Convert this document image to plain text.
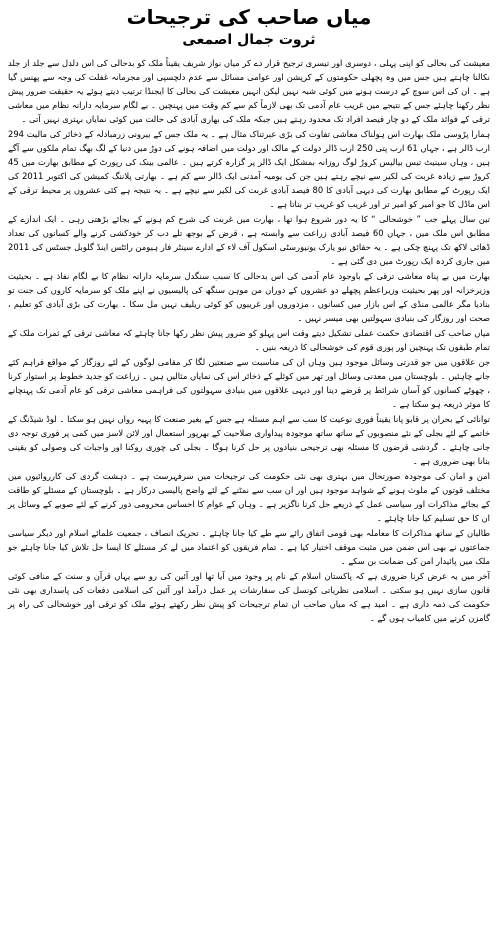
میاں صاحب کی ترجیحات
ثروت جمال اصمعی

معیشت کی بحالی کو اپنی پہلی ، دوسری اور تیسری ترجیح قرار دے کر میاں نواز شریف یقیناً ملک کو بدحالی کی اس دلدل سے جلد از جلد نکالنا چاہتے ہیں جس میں وہ پچھلی حکومتوں کے کرپشن اور عوامی مسائل سے عدم دلچسپی اور مجرمانہ غفلت کی وجہ سے پھنس گیا ہے ۔ ان کی اس سوچ کے درست ہونے میں کوئی شبہ نہیں لیکن انہیں معیشت کی بحالی کا ایجنڈا ترتیب دیتے ہوئے یہ حقیقت ضرور پیش نظر رکھنا چاہئے جس کے نتیجے میں غریب عام آدمی تک بھی لازماً کم سے کم وقت میں پہنچیں ۔ بے لگام سرمایہ دارانہ نظام میں معاشی ترقی کے فوائد ملک کے دو چار فیصد افراد تک محدود رہتے ہیں جبکہ ملک کی بھاری آبادی کی حالت میں کوئی نمایاں بہتری نہیں آتی ۔

ہمارا پڑوسی ملک بھارت اس ہولناک معاشی تفاوت کی بڑی عبرتناک مثال ہے ۔ یہ ملک جس کے بیرونی زرمبادلہ کے ذخائر کی مالیت 294 ارب ڈالر ہے ، جہاں 61 ارب پتی 250 ارب ڈالر دولت کے مالک اور دولت میں اضافہ ہونے کی دوڑ میں دنیا کے لگ بھگ تمام ملکوں سے آگے ہیں ، وہاں سینیٹ تیس بیالیس کروڑ لوگ روزانہ بمشکل ایک ڈالر پر گزارہ کرتے ہیں ۔ عالمی بینک کی رپورٹ کے مطابق بھارت میں 45 کروڑ سے زیادہ غربت کی لکیر سے نیچے رہتے ہیں جن کی یومیہ آمدنی ایک ڈالر سے کم ہے ۔ بھارتی پلاننگ کمیشن کی اکتوبر 2011 کی ایک رپورٹ کے مطابق بھارت کی دیہی آبادی کا 80 فیصد آبادی غربت کی لکیر سے نیچے ہے ۔ یہ نتیجہ ہے کئی عشروں پر محیط ترقی کے اس ماڈل کا جو امیر کو امیر تر اور غریب کو غریب تر بناتا ہے ۔

تین سال پہلے جب ” خوشحالی “ کا یہ دور شروع ہوا تھا ، بھارت میں غربت کی شرح کم ہونے کے بجائے بڑھتی رہی ۔ ایک اندازے کے مطابق اس ملک میں ، جہاں 60 فیصد آبادی زراعت سے وابستہ ہے ، قرض کے بوجھ تلے دب کر خودکشی کرنے والے کسانوں کی تعداد ڈھائی لاکھ تک پہنچ چکی ہے ۔ یہ حقائق نیو یارک یونیورسٹی اسکول آف لاء کے ادارے سینٹر فار ہیومن رائٹس اینڈ گلوبل جسٹس کی 2011 میں جاری کردہ ایک رپورٹ میں دی گئی ہے ۔

بھارت میں بے پناہ معاشی ترقی کے باوجود عام آدمی کی اس بدحالی کا سبب سنگدل سرمایہ دارانہ نظام کا بے لگام نفاذ ہے ۔ بحیثیت وزیرخزانہ اور پھر بحیثیت وزیراعظم پچھلے دو عشروں کے دوران من موہن سنگھ کی پالیسیوں نے اپنے ملک کو سرمایہ کاروں کی جنت تو بنادیا مگر عالمی منڈی کے اس بازار میں کسانوں ، مزدوروں اور غریبوں کو کوئی ریلیف نہیں مل سکا ۔ بھارت کی بڑی آبادی کو تعلیم ، صحت اور روزگار کی بنیادی سہولتیں بھی میسر نہیں ۔

میاں صاحب کی اقتصادی حکمت عملی تشکیل دیتے وقت اس پہلو کو ضرور پیش نظر رکھا جانا چاہئے کہ معاشی ترقی کے ثمرات ملک کے تمام طبقوں تک پہنچیں اور پوری قوم کی خوشحالی کا ذریعہ بنیں ۔

جن علاقوں میں جو قدرتی وسائل موجود ہیں وہاں ان کی مناسبت سے صنعتیں لگا کر مقامی لوگوں کے لئے روزگار کے مواقع فراہم کئے جانے چاہئیں ۔ بلوچستان میں معدنی وسائل اور تھر میں کوئلے کے ذخائر اس کی نمایاں مثالیں ہیں ۔ زراعت کو جدید خطوط پر استوار کرنا ، چھوٹے کسانوں کو آسان شرائط پر قرضے دینا اور دیہی علاقوں میں بنیادی سہولتوں کی فراہمی معاشی ترقی کو عام آدمی تک پہنچانے کا موثر ذریعہ ہو سکتا ہے ۔

توانائی کے بحران پر قابو پانا یقیناً فوری نوعیت کا سب سے اہم مسئلہ ہے جس کے بغیر صنعت کا پہیہ رواں نہیں ہو سکتا ۔ لوڈ شیڈنگ کے خاتمے کے لئے بجلی کے نئے منصوبوں کے ساتھ ساتھ موجودہ پیداواری صلاحیت کے بھرپور استعمال اور لائن لاسز میں کمی پر فوری توجہ دی جانی چاہئے ۔ گردشی قرضوں کا مسئلہ بھی ترجیحی بنیادوں پر حل کرنا ہوگا ۔ بجلی کی چوری روکنا اور واجبات کی وصولی کو یقینی بنانا بھی ضروری ہے ۔

امن و امان کی موجودہ صورتحال میں بہتری بھی نئی حکومت کی ترجیحات میں سرفہرست ہے ۔ دہشت گردی کی کارروائیوں میں مختلف قوتوں کے ملوث ہونے کے شواہد موجود ہیں اور ان سب سے نمٹنے کے لئے واضح پالیسی درکار ہے ۔ بلوچستان کے مسئلے کو طاقت کے بجائے مذاکرات اور سیاسی عمل کے ذریعے حل کرنا ناگزیر ہے ۔ وہاں کے عوام کا احساس محرومی دور کرنے کے لئے صوبے کے وسائل پر ان کا حق تسلیم کیا جانا چاہئے ۔

طالبان کے ساتھ مذاکرات کا معاملہ بھی قومی اتفاق رائے سے طے کیا جانا چاہئے ۔ تحریک انصاف ، جمعیت علمائے اسلام اور دیگر سیاسی جماعتوں نے بھی اس ضمن میں مثبت موقف اختیار کیا ہے ۔ تمام فریقوں کو اعتماد میں لے کر مسئلے کا ایسا حل تلاش کیا جانا چاہئے جو ملک میں پائیدار امن کی ضمانت بن سکے ۔

آخر میں یہ عرض کرنا ضروری ہے کہ پاکستان اسلام کے نام پر وجود میں آیا تھا اور آئین کی رو سے یہاں قرآن و سنت کے منافی کوئی قانون سازی نہیں ہو سکتی ۔ اسلامی نظریاتی کونسل کی سفارشات پر عمل درآمد اور آئین کی اسلامی دفعات کی پاسداری بھی نئی حکومت کی ذمہ داری ہے ۔ امید ہے کہ میاں صاحب ان تمام ترجیحات کو پیش نظر رکھتے ہوئے ملک کو ترقی اور خوشحالی کی راہ پر گامزن کرنے میں کامیاب ہوں گے ۔
